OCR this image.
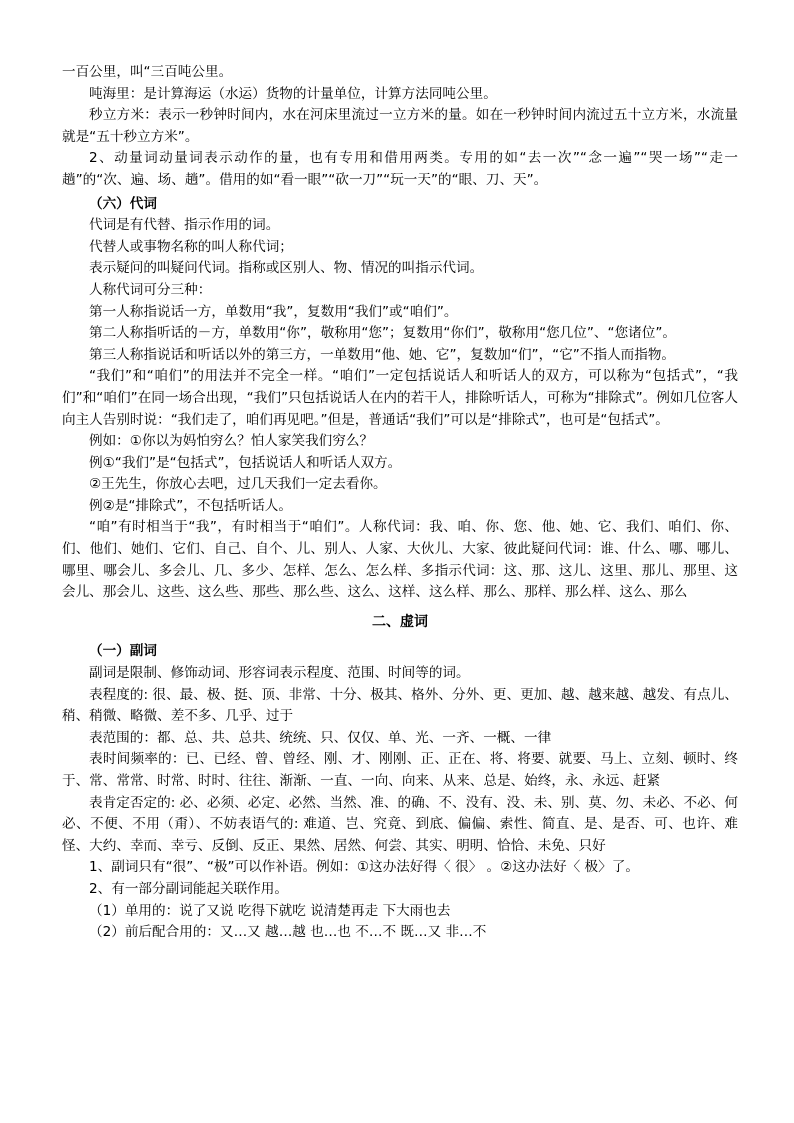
一百公里，叫“三百吨公里。

吨海里：是计算海运（水运）货物的计量单位，计算方法同吨公里。

秒立方米：表示一秒钟时间内，水在河床里流过一立方米的量。如在一秒钟时间内流过五十立方米，水流量就是“五十秒立方米”。

2、动量词动量词表示动作的量，也有专用和借用两类。专用的如“去一次”“念一遍”“哭一场”“走一趟”的“次、遍、场、趟”。借用的如“看一眼”“砍一刀”“玩一天”的“眼、刀、天”。

（六）代词

代词是有代替、指示作用的词。

代替人或事物名称的叫人称代词；

表示疑问的叫疑问代词。指称或区别人、物、情况的叫指示代词。

人称代词可分三种：

第一人称指说话一方，单数用“我”，复数用“我们”或“咱们”。

第二人称指听话的－方，单数用“你”，敬称用“您”；复数用“你们”，敬称用“您几位”、“您诸位”。

第三人称指说话和听话以外的第三方，一单数用“他、她、它”，复数加“们”，“它”不指人而指物。

“我们”和“咱们”的用法并不完全一样。“咱们”一定包括说话人和听话人的双方，可以称为“包括式”，“我们”和“咱们”在同一场合出现，“我们”只包括说话人在内的若干人，排除听话人，可称为“排除式”。例如几位客人向主人告别时说：“我们走了，咱们再见吧。”但是，普通话“我们”可以是“排除式”，也可是“包括式”。

例如：①你以为妈怕穷么？怕人家笑我们穷么？

例①“我们”是“包括式”，包括说话人和听话人双方。

②王先生，你放心去吧，过几天我们一定去看你。

例②是“排除式”，不包括听话人。

“咱”有时相当于“我”，有时相当于“咱们”。人称代词：我、咱、你、您、他、她、它、我们、咱们、你、们、他们、她们、它们、自己、自个、儿、别人、人家、大伙儿、大家、彼此疑问代词：谁、什么、哪、哪儿、哪里、哪会儿、多会儿、几、多少、怎样、怎么、怎么样、多指示代词：这、那、这儿、这里、那儿、那里、这会儿、那会儿、这些、这么些、那些、那么些、这么、这样、这么样、那么、那样、那么样、这么、那么

二、虚词

（一）副词

副词是限制、修饰动词、形容词表示程度、范围、时间等的词。

表程度的: 很、最、极、挺、顶、非常、十分、极其、格外、分外、更、更加、越、越来越、越发、有点儿、稍、稍微、略微、差不多、几乎、过于

表范围的：都、总、共、总共、统统、只、仅仅、单、光、一齐、一概、一律

表时间频率的：已、已经、曾、曾经、刚、才、刚刚、正、正在、将、将要、就要、马上、立刻、顿时、终于、常、常常、时常、时时、往往、渐渐、一直、一向、向来、从来、总是、始终，永、永远、赶紧

表肯定否定的: 必、必须、必定、必然、当然、准、的确、不、没有、没、未、别、莫、勿、未必、不必、何必、不便、不用（甭）、不妨表语气的: 难道、岂、究竟、到底、偏偏、索性、简直、是、是否、可、也许、难怪、大约、幸而、幸亏、反倒、反正、果然、居然、何尝、其实、明明、恰恰、未免、只好

1、副词只有“很”、“极”可以作补语。例如：①这办法好得〈 很〉 。②这办法好〈 极〉了。

2、有一部分副词能起关联作用。

（1）单用的：说了又说 吃得下就吃 说清楚再走 下大雨也去

（2）前后配合用的：又…又 越…越 也…也 不…不 既…又 非…不
